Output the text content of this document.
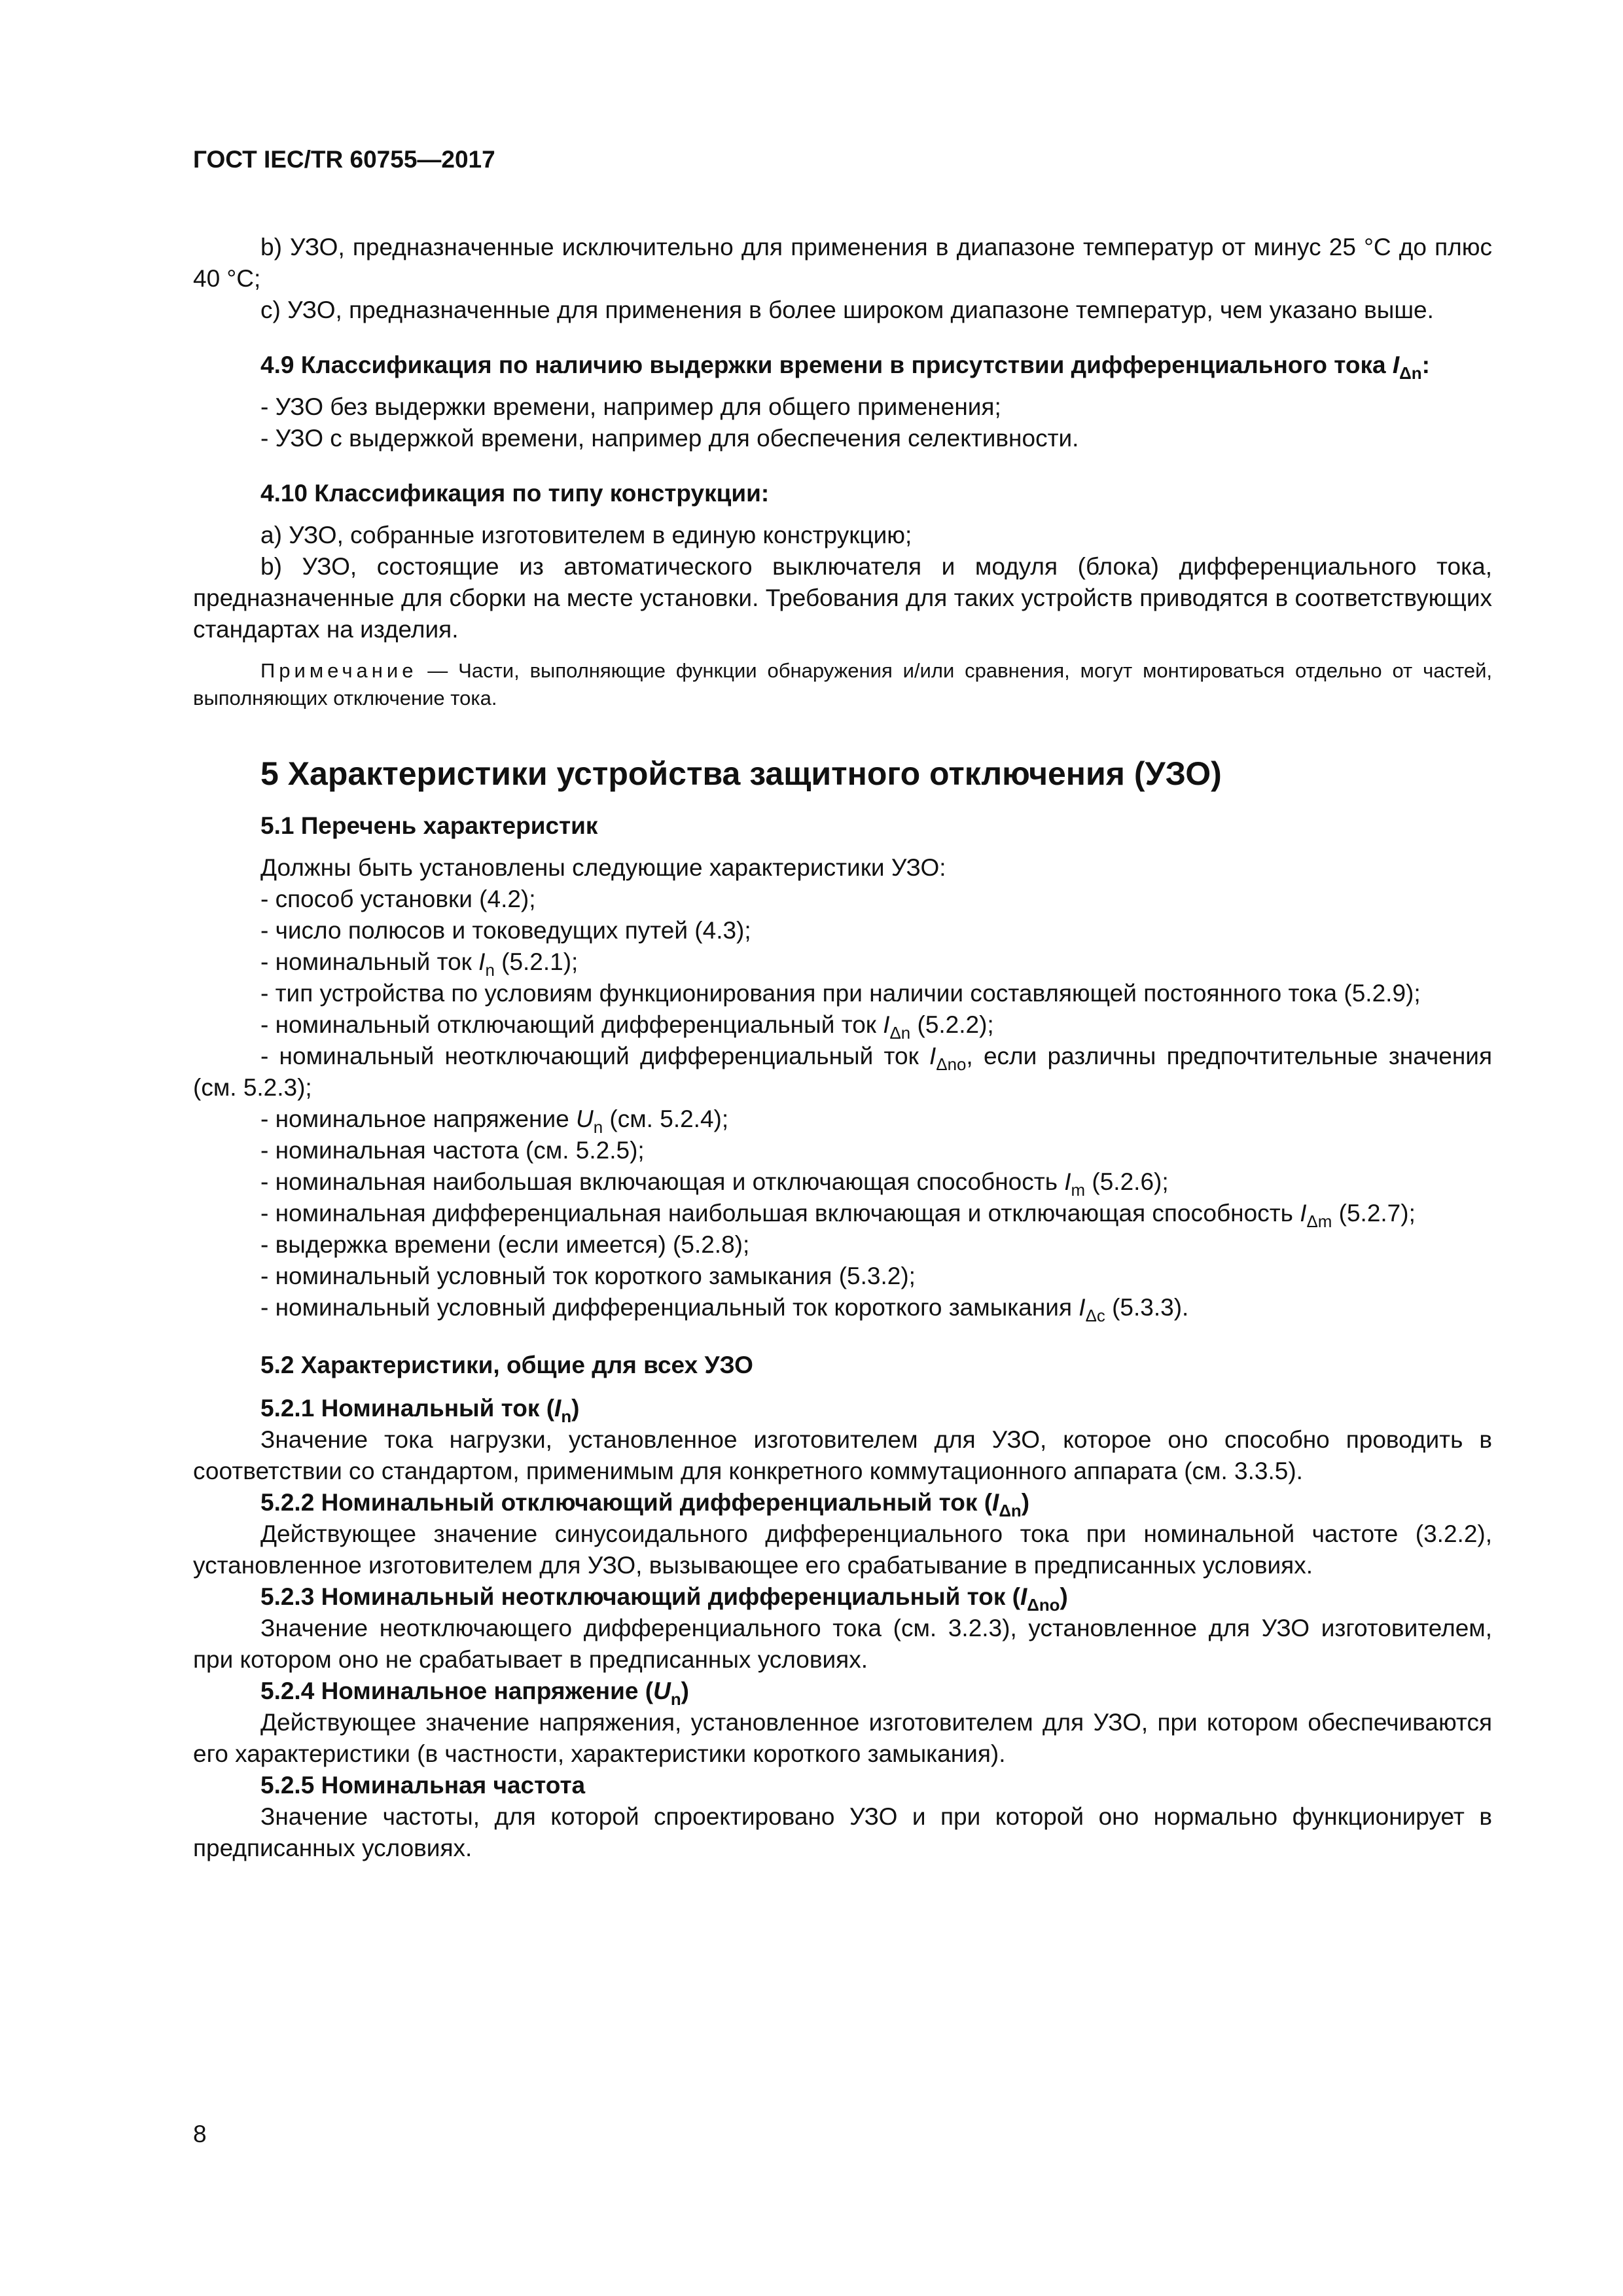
ГОСТ IEC/TR 60755—2017

b) УЗО, предназначенные исключительно для применения в диапазоне температур от минус 25 °С до плюс 40 °С;

с) УЗО, предназначенные для применения в более широком диапазоне температур, чем указано выше.

4.9 Классификация по наличию выдержки времени в присутствии дифференциального тока $I_{\Delta n}$:

- УЗО без выдержки времени, например для общего применения;

- УЗО с выдержкой времени, например для обеспечения селективности.

4.10 Классификация по типу конструкции:

а) УЗО, собранные изготовителем в единую конструкцию;

b) УЗО, состоящие из автоматического выключателя и модуля (блока) дифференциального тока, предназначенные для сборки на месте установки. Требования для таких устройств приводятся в соответствующих стандартах на изделия.

Примечание — Части, выполняющие функции обнаружения и/или сравнения, могут монтироваться отдельно от частей, выполняющих отключение тока.

5 Характеристики устройства защитного отключения (УЗО)

5.1 Перечень характеристик

Должны быть установлены следующие характеристики УЗО:

- способ установки (4.2);

- число полюсов и токоведущих путей (4.3);

- номинальный ток $I_n$ (5.2.1);

- тип устройства по условиям функционирования при наличии составляющей постоянного тока (5.2.9);

- номинальный отключающий дифференциальный ток $I_{\Delta n}$ (5.2.2);

- номинальный неотключающий дифференциальный ток $I_{\Delta no}$, если различны предпочтительные значения (см. 5.2.3);

- номинальное напряжение $U_n$ (см. 5.2.4);

- номинальная частота (см. 5.2.5);

- номинальная наибольшая включающая и отключающая способность $I_m$ (5.2.6);

- номинальная дифференциальная наибольшая включающая и отключающая способность $I_{\Delta m}$ (5.2.7);

- выдержка времени (если имеется) (5.2.8);

- номинальный условный ток короткого замыкания (5.3.2);

- номинальный условный дифференциальный ток короткого замыкания $I_{\Delta c}$ (5.3.3).

5.2 Характеристики, общие для всех УЗО

5.2.1 Номинальный ток $(I_n)$

Значение тока нагрузки, установленное изготовителем для УЗО, которое оно способно проводить в соответствии со стандартом, применимым для конкретного коммутационного аппарата (см. 3.3.5).

5.2.2 Номинальный отключающий дифференциальный ток $(I_{\Delta n})$

Действующее значение синусоидального дифференциального тока при номинальной частоте (3.2.2), установленное изготовителем для УЗО, вызывающее его срабатывание в предписанных условиях.

5.2.3 Номинальный неотключающий дифференциальный ток $(I_{\Delta no})$

Значение неотключающего дифференциального тока (см. 3.2.3), установленное для УЗО изготовителем, при котором оно не срабатывает в предписанных условиях.

5.2.4 Номинальное напряжение $(U_n)$

Действующее значение напряжения, установленное изготовителем для УЗО, при котором обеспечиваются его характеристики (в частности, характеристики короткого замыкания).

5.2.5 Номинальная частота

Значение частоты, для которой спроектировано УЗО и при которой оно нормально функционирует в предписанных условиях.

8
